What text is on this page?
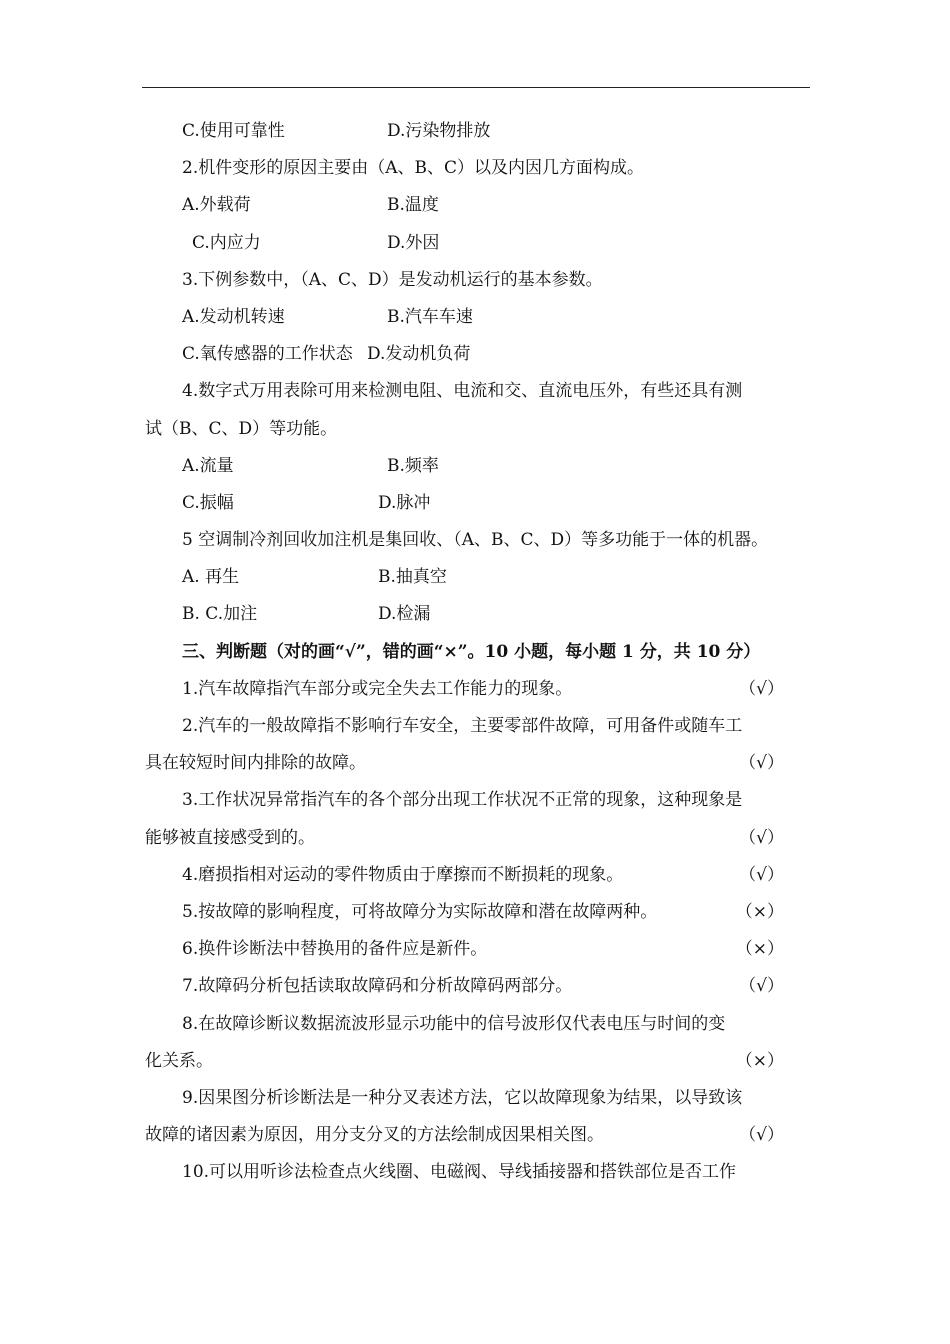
C.使用可靠性	D.污染物排放
2.机件变形的原因主要由（A、B、C）以及内因几方面构成。
A.外载荷	B.温度
C.内应力	D.外因
3.下例参数中，（A、C、D）是发动机运行的基本参数。
A.发动机转速	B.汽车车速
C.氧传感器的工作状态 D.发动机负荷
4.数字式万用表除可用来检测电阻、电流和交、直流电压外，有些还具有测
试（B、C、D）等功能。
A.流量	B.频率
C.振幅	D.脉冲
5 空调制冷剂回收加注机是集回收、（A、B、C、D）等多功能于一体的机器。
A. 再生	B.抽真空
B. C.加注	D.检漏
三、判断题（对的画“√”，错的画“×”。10 小题，每小题 1 分，共 10 分）
1.汽车故障指汽车部分或完全失去工作能力的现象。	（√）
2.汽车的一般故障指不影响行车安全，主要零部件故障，可用备件或随车工
具在较短时间内排除的故障。	（√）
3.工作状况异常指汽车的各个部分出现工作状况不正常的现象，这种现象是
能够被直接感受到的。	（√）
4.磨损指相对运动的零件物质由于摩擦而不断损耗的现象。	（√）
5.按故障的影响程度，可将故障分为实际故障和潜在故障两种。	（×）
6.换件诊断法中替换用的备件应是新件。	（×）
7.故障码分析包括读取故障码和分析故障码两部分。	（√）
8.在故障诊断议数据流波形显示功能中的信号波形仅代表电压与时间的变
化关系。	（×）
9.因果图分析诊断法是一种分叉表述方法，它以故障现象为结果，以导致该
故障的诸因素为原因，用分支分叉的方法绘制成因果相关图。	（√）
10.可以用听诊法检查点火线圈、电磁阀、导线插接器和搭铁部位是否工作
